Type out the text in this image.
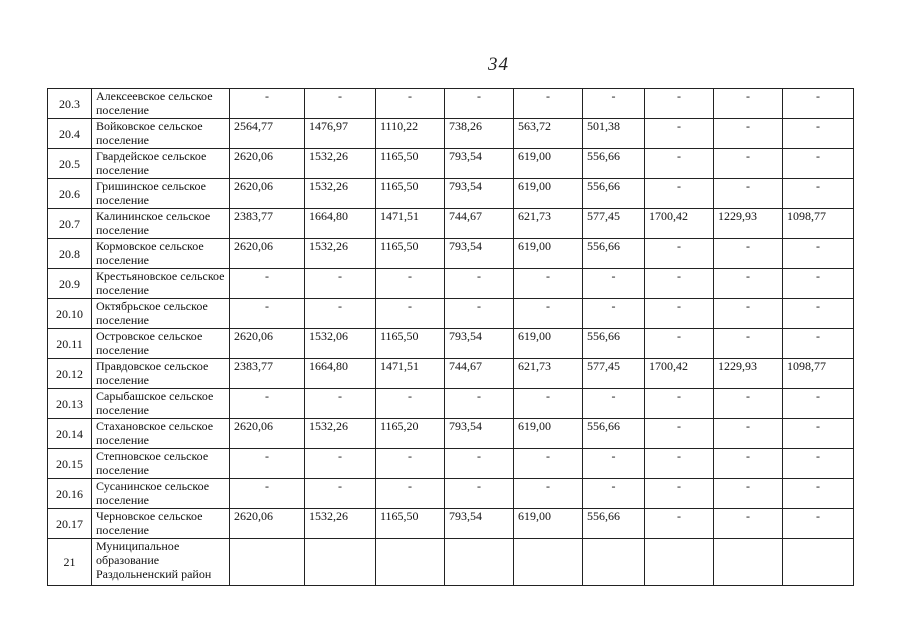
34
20.3	Алексеевское сельское поселение	-	-	-	-	-	-	-	-	-
20.4	Войковское сельское поселение	2564,77	1476,97	1110,22	738,26	563,72	501,38	-	-	-
20.5	Гвардейское сельское поселение	2620,06	1532,26	1165,50	793,54	619,00	556,66	-	-	-
20.6	Гришинское сельское поселение	2620,06	1532,26	1165,50	793,54	619,00	556,66	-	-	-
20.7	Калининское сельское поселение	2383,77	1664,80	1471,51	744,67	621,73	577,45	1700,42	1229,93	1098,77
20.8	Кормовское сельское поселение	2620,06	1532,26	1165,50	793,54	619,00	556,66	-	-	-
20.9	Крестьяновское сельское поселение	-	-	-	-	-	-	-	-	-
20.10	Октябрьское сельское поселение	-	-	-	-	-	-	-	-	-
20.11	Островское сельское поселение	2620,06	1532,06	1165,50	793,54	619,00	556,66	-	-	-
20.12	Правдовское сельское поселение	2383,77	1664,80	1471,51	744,67	621,73	577,45	1700,42	1229,93	1098,77
20.13	Сарыбашское сельское поселение	-	-	-	-	-	-	-	-	-
20.14	Стахановское сельское поселение	2620,06	1532,26	1165,20	793,54	619,00	556,66	-	-	-
20.15	Степновское сельское поселение	-	-	-	-	-	-	-	-	-
20.16	Сусанинское сельское поселение	-	-	-	-	-	-	-	-	-
20.17	Черновское сельское поселение	2620,06	1532,26	1165,50	793,54	619,00	556,66	-	-	-
21	Муниципальное образование Раздольненский район									
